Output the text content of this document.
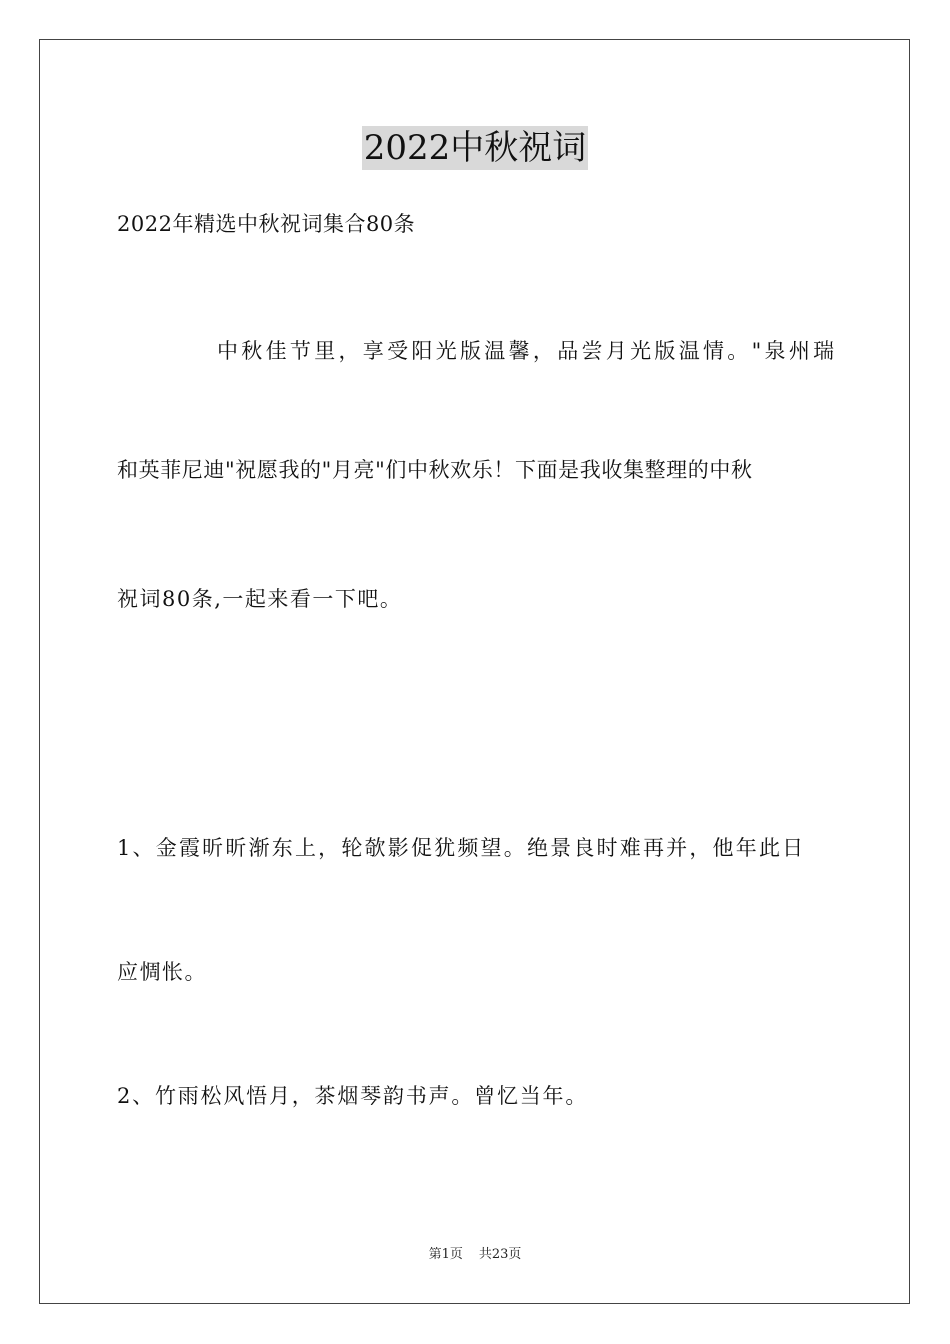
2022中秋祝词
2022年精选中秋祝词集合80条
中秋佳节里，享受阳光版温馨，品尝月光版温情。"泉州瑞
和英菲尼迪"祝愿我的"月亮"们中秋欢乐！下面是我收集整理的中秋
祝词80条,一起来看一下吧。
1、金霞昕昕渐东上，轮欹影促犹频望。绝景良时难再并，他年此日
应惆怅。
2、竹雨松风悟月，茶烟琴韵书声。曾忆当年。
第1页 共23页
